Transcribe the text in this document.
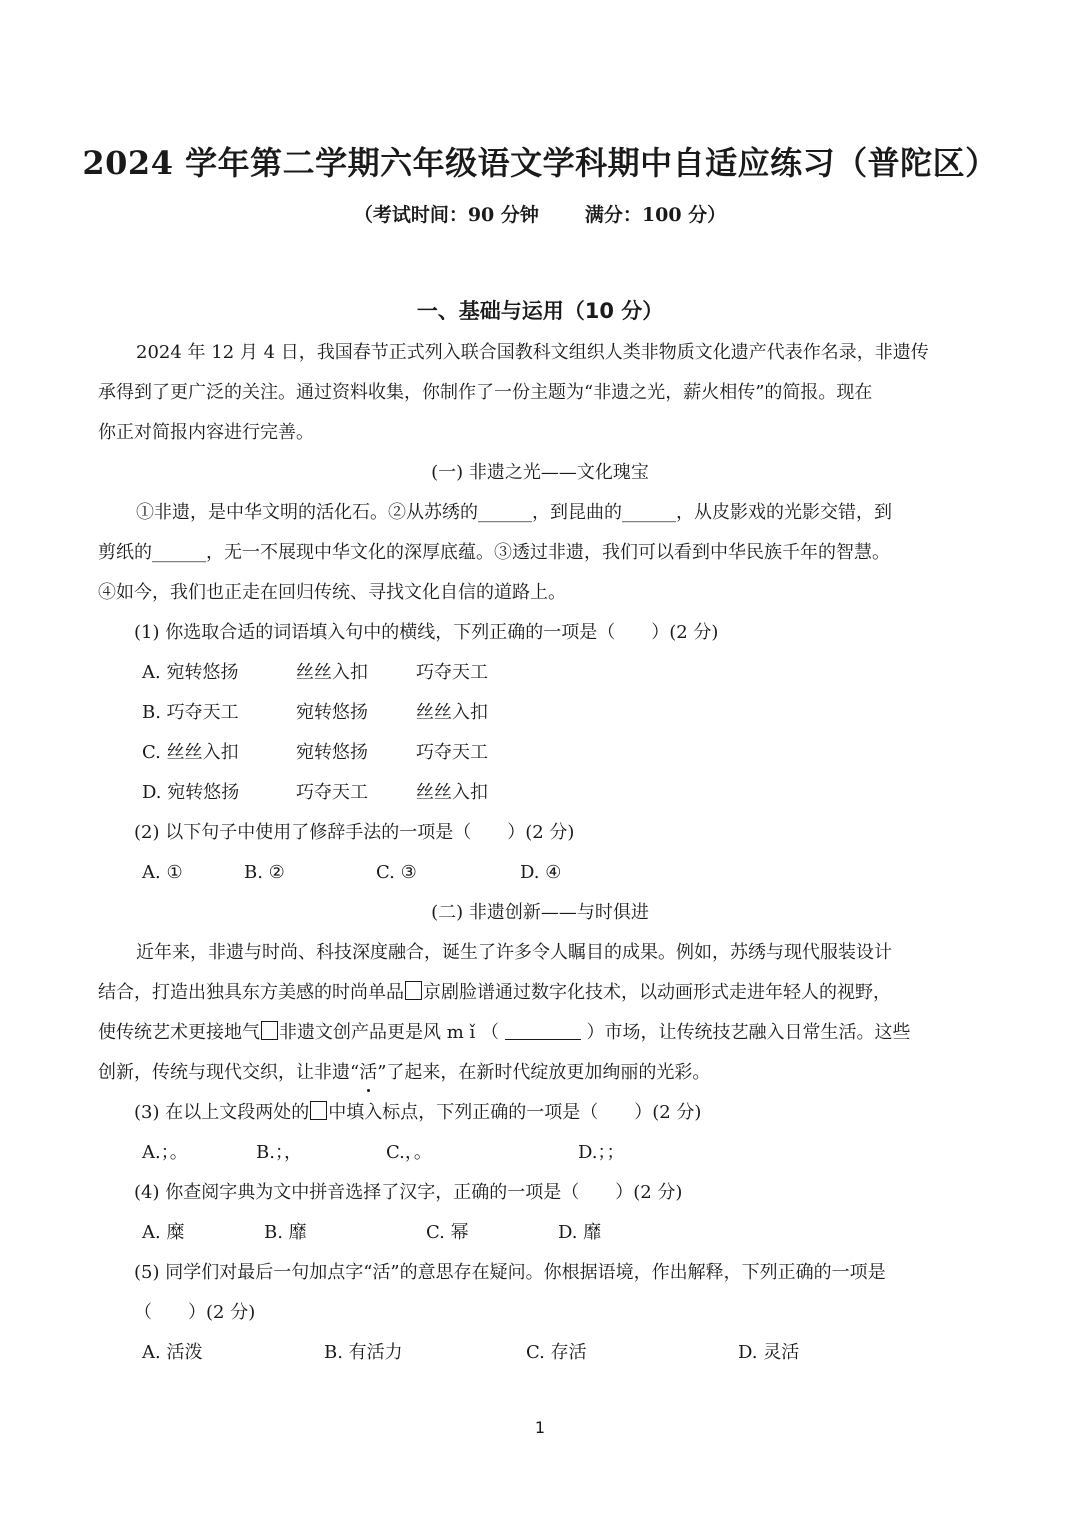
2024 学年第二学期六年级语文学科期中自适应练习（普陀区）
（考试时间：90 分钟 满分：100 分）
一、基础与运用（10 分）
2024 年 12 月 4 日，我国春节正式列入联合国教科文组织人类非物质文化遗产代表作名录，非遗传
承得到了更广泛的关注。通过资料收集，你制作了一份主题为“非遗之光，薪火相传”的简报。现在
你正对简报内容进行完善。
(一) 非遗之光——文化瑰宝
①非遗，是中华文明的活化石。②从苏绣的______，到昆曲的______，从皮影戏的光影交错，到
剪纸的______，无一不展现中华文化的深厚底蕴。③透过非遗，我们可以看到中华民族千年的智慧。
④如今，我们也正走在回归传统、寻找文化自信的道路上。
(1) 你选取合适的词语填入句中的横线，下列正确的一项是（　　）(2 分)
A. 宛转悠扬	丝丝入扣	巧夺天工
B. 巧夺天工	宛转悠扬	丝丝入扣
C. 丝丝入扣	宛转悠扬	巧夺天工
D. 宛转悠扬	巧夺天工	丝丝入扣
(2) 以下句子中使用了修辞手法的一项是（　　）(2 分)
A. ①	B. ②	C. ③	D. ④
(二) 非遗创新——与时俱进
近年来，非遗与时尚、科技深度融合，诞生了许多令人瞩目的成果。例如，苏绣与现代服装设计
结合，打造出独具东方美感的时尚单品 京剧脸谱通过数字化技术，以动画形式走进年轻人的视野，
使传统艺术更接地气 非遗文创产品更是风 m ǐ （	）市场，让传统技艺融入日常生活。这些
创新，传统与现代交织，让非遗“活”了起来，在新时代绽放更加绚丽的光彩。
(3) 在以上文段两处的 中填入标点，下列正确的一项是（　　）(2 分)
A.；。	B.；，	C.，。	D.；；
(4) 你查阅字典为文中拼音选择了汉字，正确的一项是（　　）(2 分)
A. 糜	B. 靡	C. 幂	D. 靡
(5) 同学们对最后一句加点字“活”的意思存在疑问。你根据语境，作出解释，下列正确的一项是
（　　）(2 分)
A. 活泼	B. 有活力	C. 存活	D. 灵活
1
